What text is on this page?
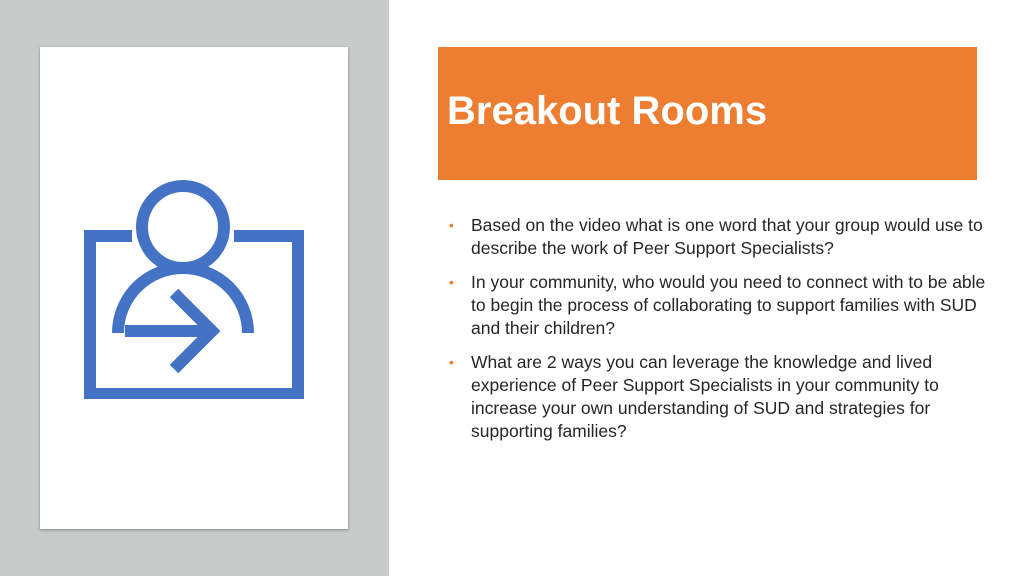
Breakout Rooms
• Based on the video what is one word that your group would use to describe the work of Peer Support Specialists?
• In your community, who would you need to connect with to be able to begin the process of collaborating to support families with SUD and their children?
• What are 2 ways you can leverage the knowledge and lived experience of Peer Support Specialists in your community to increase your own understanding of SUD and strategies for supporting families?
